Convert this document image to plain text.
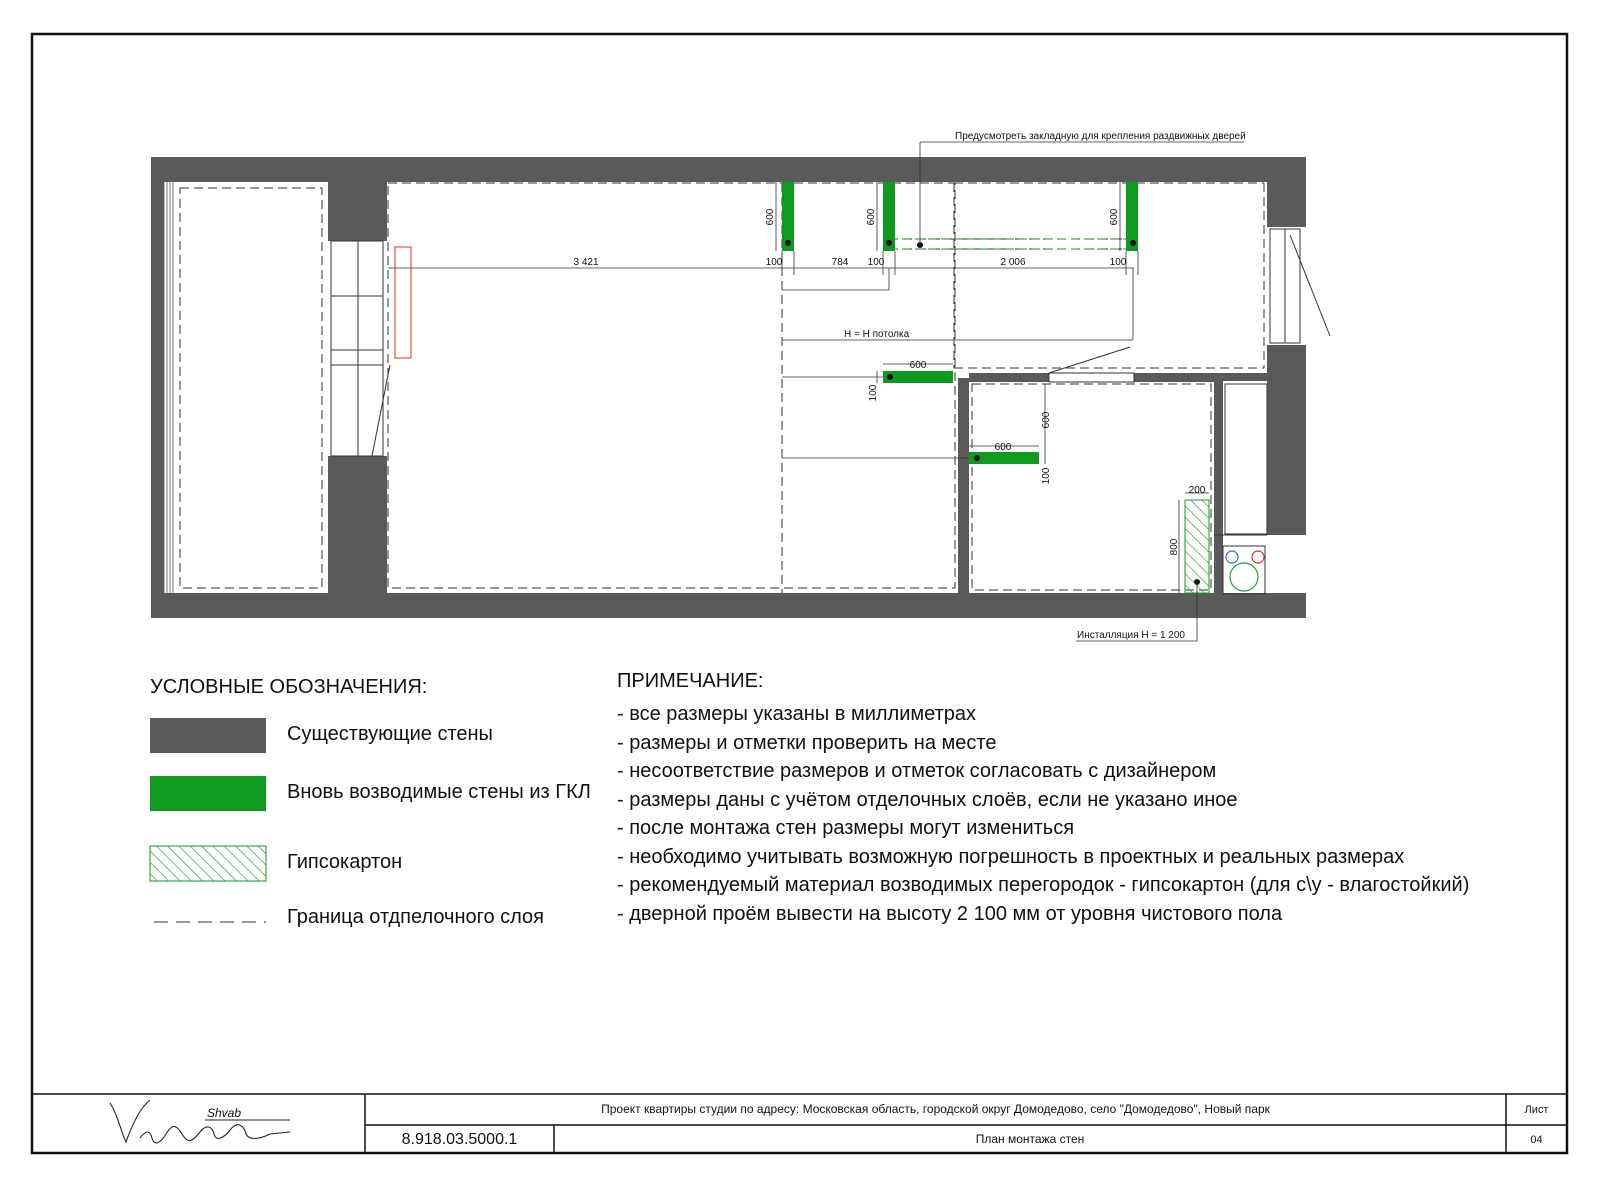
Предусмотреть закладную для крепления раздвижных дверей
3 421	100	784 100	2 006	100
Н = Н потолка
600
600
200
Инсталляция Н = 1 200
600	600	600
100
600
100
800
Shvab
УСЛОВНЫЕ ОБОЗНАЧЕНИЯ:
Существующие стены
Вновь возводимые стены из ГКЛ
Гипсокартон
Граница отдпелочного слоя
ПРИМЕЧАНИЕ:
- все размеры указаны в миллиметрах
- размеры и отметки проверить на месте
- несоответствие размеров и отметок согласовать с дизайнером
- размеры даны с учётом отделочных слоёв, если не указано иное
- после монтажа стен размеры могут измениться
- необходимо учитывать возможную погрешность в проектных и реальных размерах
- рекомендуемый материал возводимых перегородок - гипсокартон (для с\у - влагостойкий)
- дверной проём вывести на высоту 2 100 мм от уровня чистового пола
Проект квартиры студии по адресу: Московская область, городской округ Домодедово, село "Домодедово", Новый парк
8.918.03.5000.1	План монтажа стен
Лист
04
